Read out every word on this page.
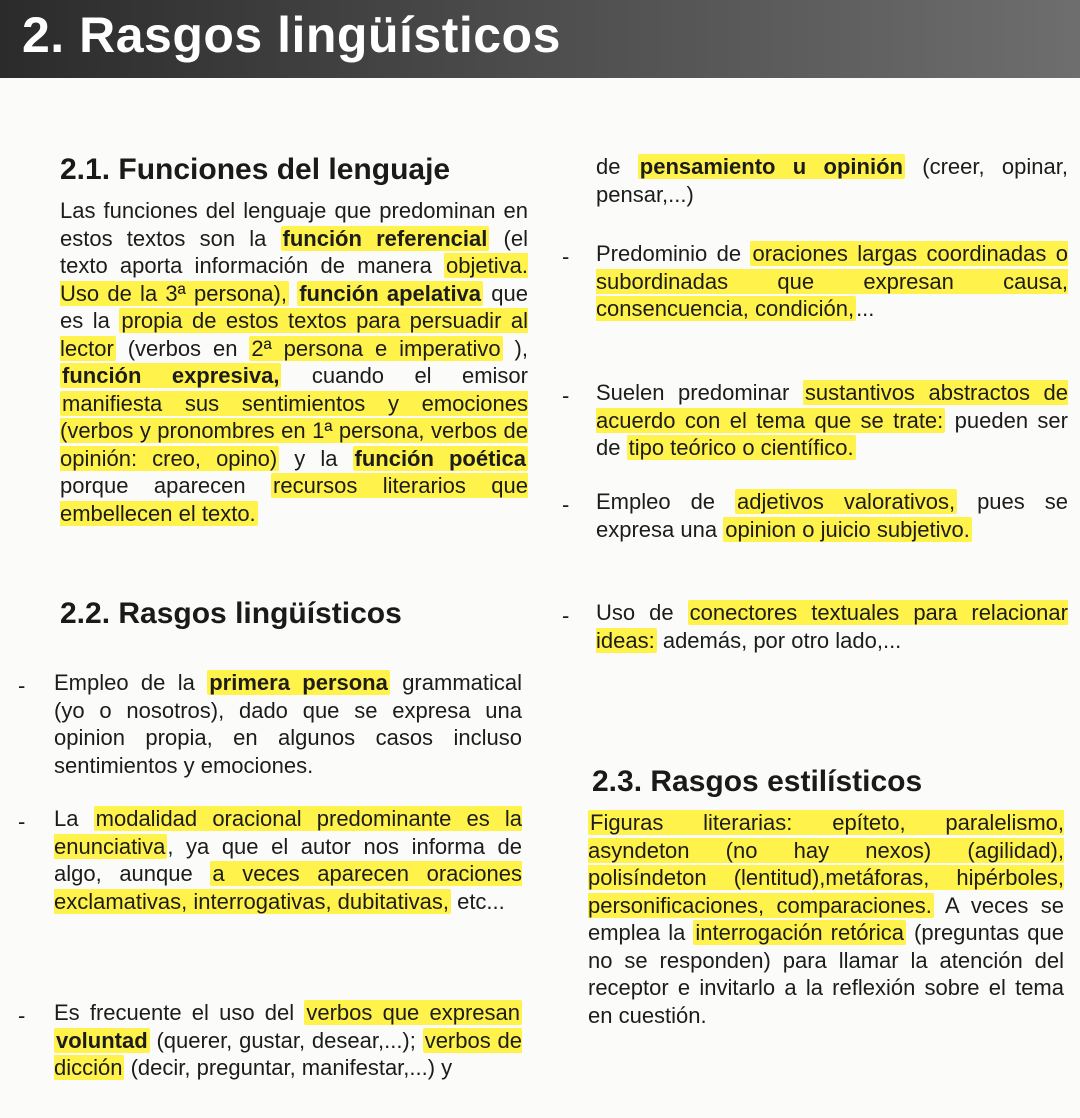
2. Rasgos lingüísticos
2.1. Funciones del lenguaje

Las funciones del lenguaje que predominan en estos textos son la función referencial (el texto aporta información de manera objetiva. Uso de la 3ª persona), función apelativa que es la propia de estos textos para persuadir al lector (verbos en 2ª persona e imperativo ), función expresiva, cuando el emisor manifiesta sus sentimientos y emociones (verbos y pronombres en 1ª persona, verbos de opinión: creo, opino) y la función poética porque aparecen recursos literarios que embellecen el texto.

2.2. Rasgos lingüísticos
- Empleo de la primera persona grammatical (yo o nosotros), dado que se expresa una opinion propia, en algunos casos incluso sentimientos y emociones.

- La modalidad oracional predominante es la enunciativa, ya que el autor nos informa de algo, aunque a veces aparecen oraciones exclamativas, interrogativas, dubitativas, etc...

- Es frecuente el uso del verbos que expresan voluntad (querer, gustar, desear,...); verbos de dicción (decir, preguntar, manifestar,...) y

de pensamiento u opinión (creer, opinar, pensar,...)

- Predominio de oraciones largas coordinadas o subordinadas que expresan causa, consencuencia, condición,...

- Suelen predominar sustantivos abstractos de acuerdo con el tema que se trate: pueden ser de tipo teórico o científico.

- Empleo de adjetivos valorativos, pues se expresa una opinion o juicio subjetivo.

- Uso de conectores textuales para relacionar ideas: además, por otro lado,...

2.3. Rasgos estilísticos

Figuras literarias: epíteto, paralelismo, asyndeton (no hay nexos) (agilidad), polisíndeton (lentitud),metáforas, hipérboles, personificaciones, comparaciones. A veces se emplea la interrogación retórica (preguntas que no se responden) para llamar la atención del receptor e invitarlo a la reflexión sobre el tema en cuestión.
